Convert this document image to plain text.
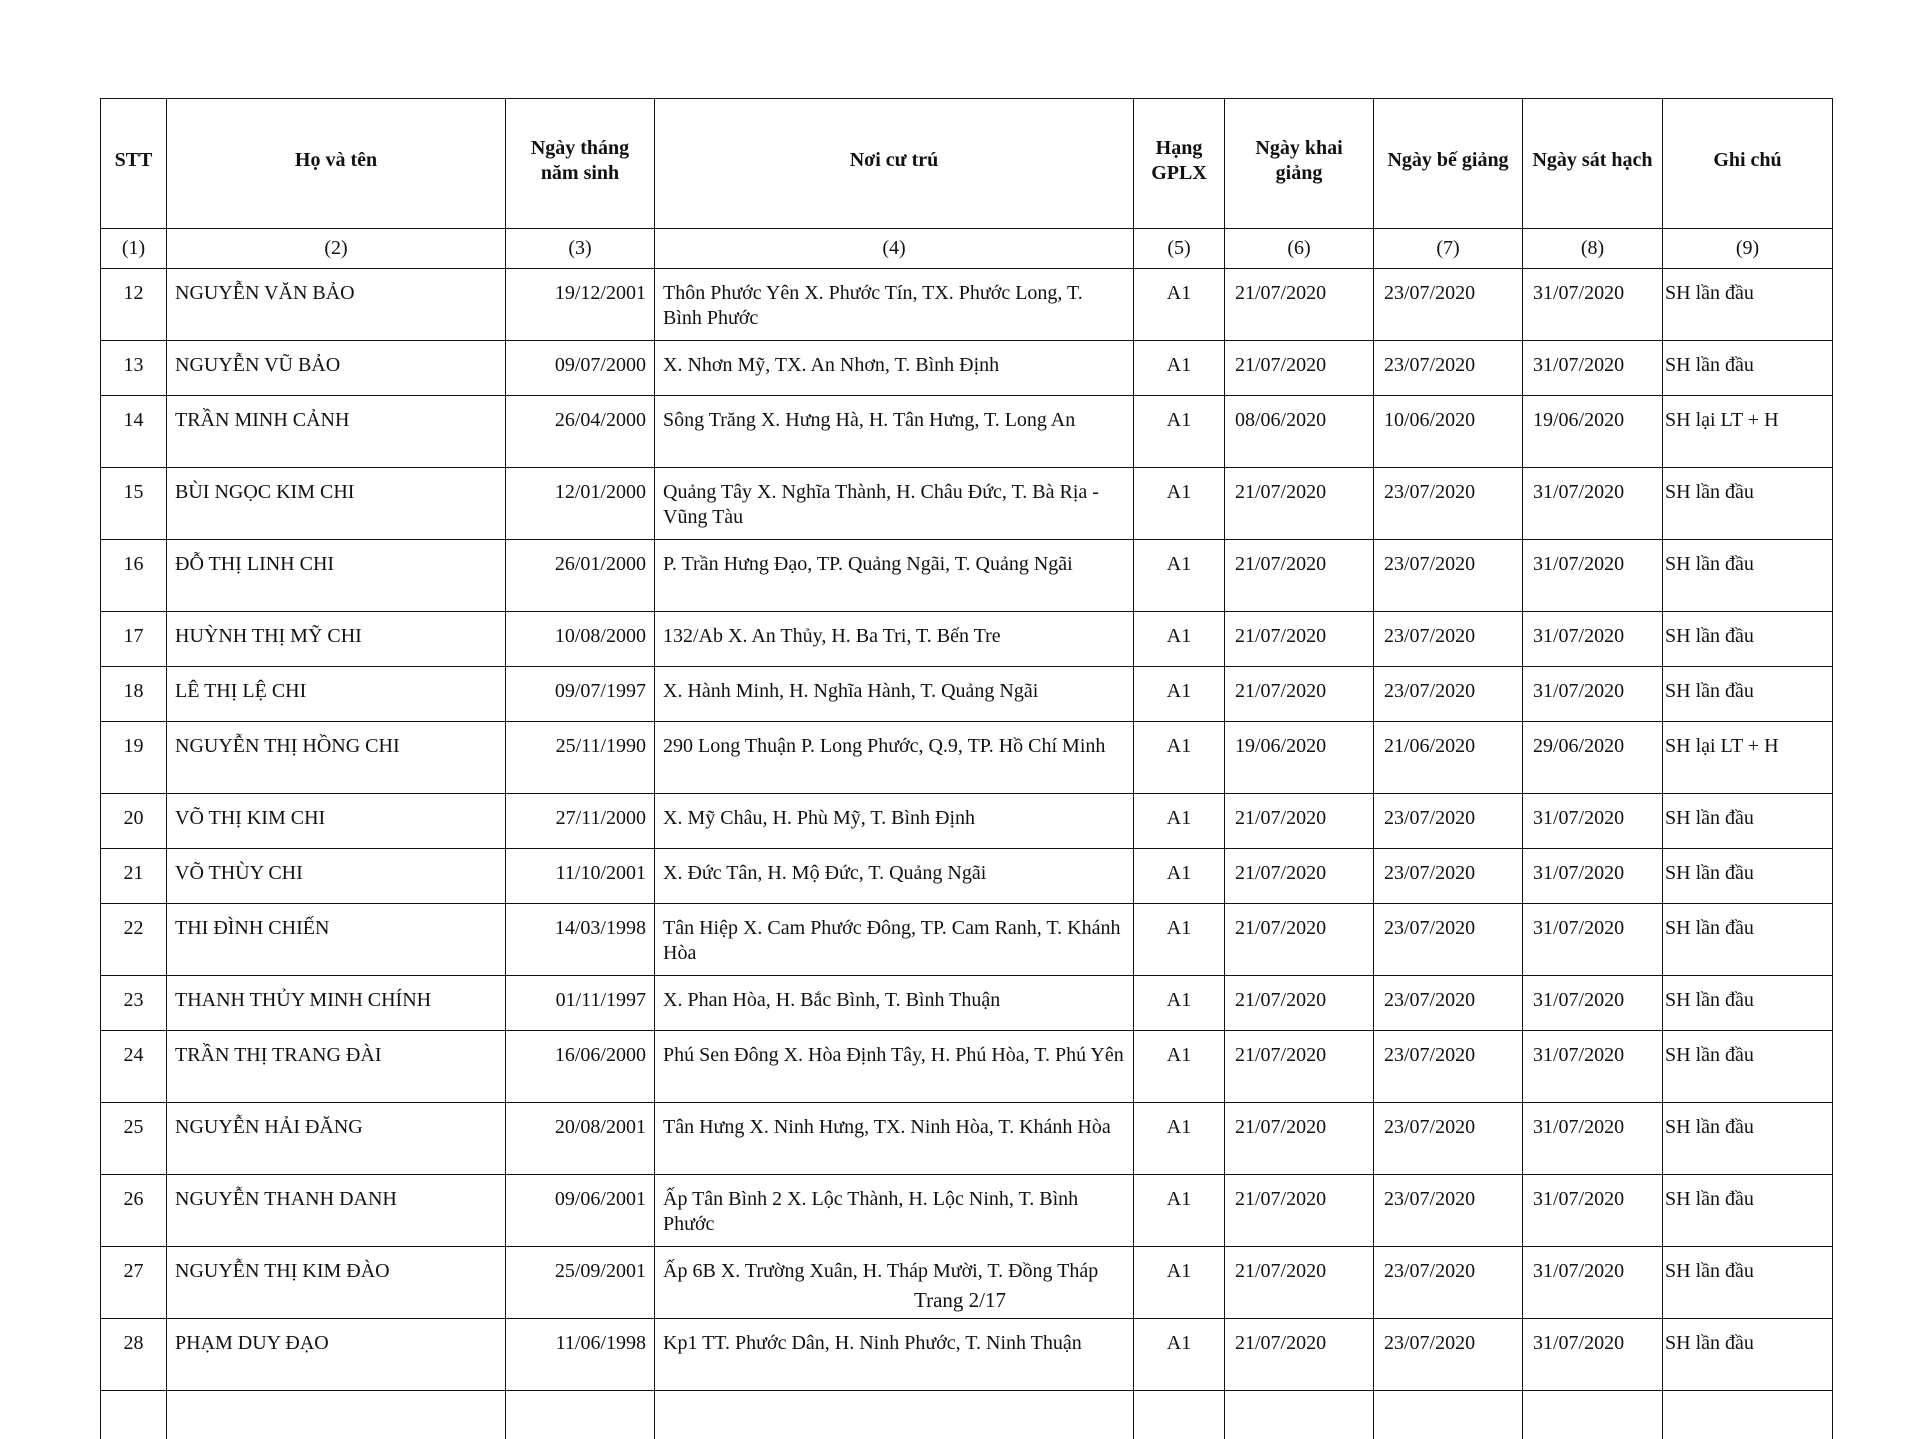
STT	Họ và tên	Ngày tháng năm sinh	Nơi cư trú	Hạng GPLX	Ngày khai giảng	Ngày bế giảng	Ngày sát hạch	Ghi chú
(1)	(2)	(3)	(4)	(5)	(6)	(7)	(8)	(9)
12	NGUYỄN VĂN BẢO	19/12/2001	Thôn Phước Yên X. Phước Tín, TX. Phước Long, T. Bình Phước	A1	21/07/2020	23/07/2020	31/07/2020	SH lần đầu
13	NGUYỄN VŨ BẢO	09/07/2000	X. Nhơn Mỹ, TX. An Nhơn, T. Bình Định	A1	21/07/2020	23/07/2020	31/07/2020	SH lần đầu
14	TRẦN MINH CẢNH	26/04/2000	Sông Trăng X. Hưng Hà, H. Tân Hưng, T. Long An	A1	08/06/2020	10/06/2020	19/06/2020	SH lại LT + H
15	BÙI NGỌC KIM CHI	12/01/2000	Quảng Tây X. Nghĩa Thành, H. Châu Đức, T. Bà Rịa - Vũng Tàu	A1	21/07/2020	23/07/2020	31/07/2020	SH lần đầu
16	ĐỖ THỊ LINH CHI	26/01/2000	P. Trần Hưng Đạo, TP. Quảng Ngãi, T. Quảng Ngãi	A1	21/07/2020	23/07/2020	31/07/2020	SH lần đầu
17	HUỲNH THỊ MỸ CHI	10/08/2000	132/Ab X. An Thủy, H. Ba Tri, T. Bến Tre	A1	21/07/2020	23/07/2020	31/07/2020	SH lần đầu
18	LÊ THỊ LỆ CHI	09/07/1997	X. Hành Minh, H. Nghĩa Hành, T. Quảng Ngãi	A1	21/07/2020	23/07/2020	31/07/2020	SH lần đầu
19	NGUYỄN THỊ HỒNG CHI	25/11/1990	290 Long Thuận P. Long Phước, Q.9, TP. Hồ Chí Minh	A1	19/06/2020	21/06/2020	29/06/2020	SH lại LT + H
20	VÕ THỊ KIM CHI	27/11/2000	X. Mỹ Châu, H. Phù Mỹ, T. Bình Định	A1	21/07/2020	23/07/2020	31/07/2020	SH lần đầu
21	VÕ THÙY CHI	11/10/2001	X. Đức Tân, H. Mộ Đức, T. Quảng Ngãi	A1	21/07/2020	23/07/2020	31/07/2020	SH lần đầu
22	THI ĐÌNH CHIẾN	14/03/1998	Tân Hiệp X. Cam Phước Đông, TP. Cam Ranh, T. Khánh Hòa	A1	21/07/2020	23/07/2020	31/07/2020	SH lần đầu
23	THANH THỦY MINH CHÍNH	01/11/1997	X. Phan Hòa, H. Bắc Bình, T. Bình Thuận	A1	21/07/2020	23/07/2020	31/07/2020	SH lần đầu
24	TRẦN THỊ TRANG ĐÀI	16/06/2000	Phú Sen Đông X. Hòa Định Tây, H. Phú Hòa, T. Phú Yên	A1	21/07/2020	23/07/2020	31/07/2020	SH lần đầu
25	NGUYỄN HẢI ĐĂNG	20/08/2001	Tân Hưng X. Ninh Hưng, TX. Ninh Hòa, T. Khánh Hòa	A1	21/07/2020	23/07/2020	31/07/2020	SH lần đầu
26	NGUYỄN THANH DANH	09/06/2001	Ấp Tân Bình 2 X. Lộc Thành, H. Lộc Ninh, T. Bình Phước	A1	21/07/2020	23/07/2020	31/07/2020	SH lần đầu
27	NGUYỄN THỊ KIM ĐÀO	25/09/2001	Ấp 6B X. Trường Xuân, H. Tháp Mười, T. Đồng Tháp	A1	21/07/2020	23/07/2020	31/07/2020	SH lần đầu
28	PHẠM DUY ĐẠO	11/06/1998	Kp1 TT. Phước Dân, H. Ninh Phước, T. Ninh Thuận	A1	21/07/2020	23/07/2020	31/07/2020	SH lần đầu

Trang 2/17
